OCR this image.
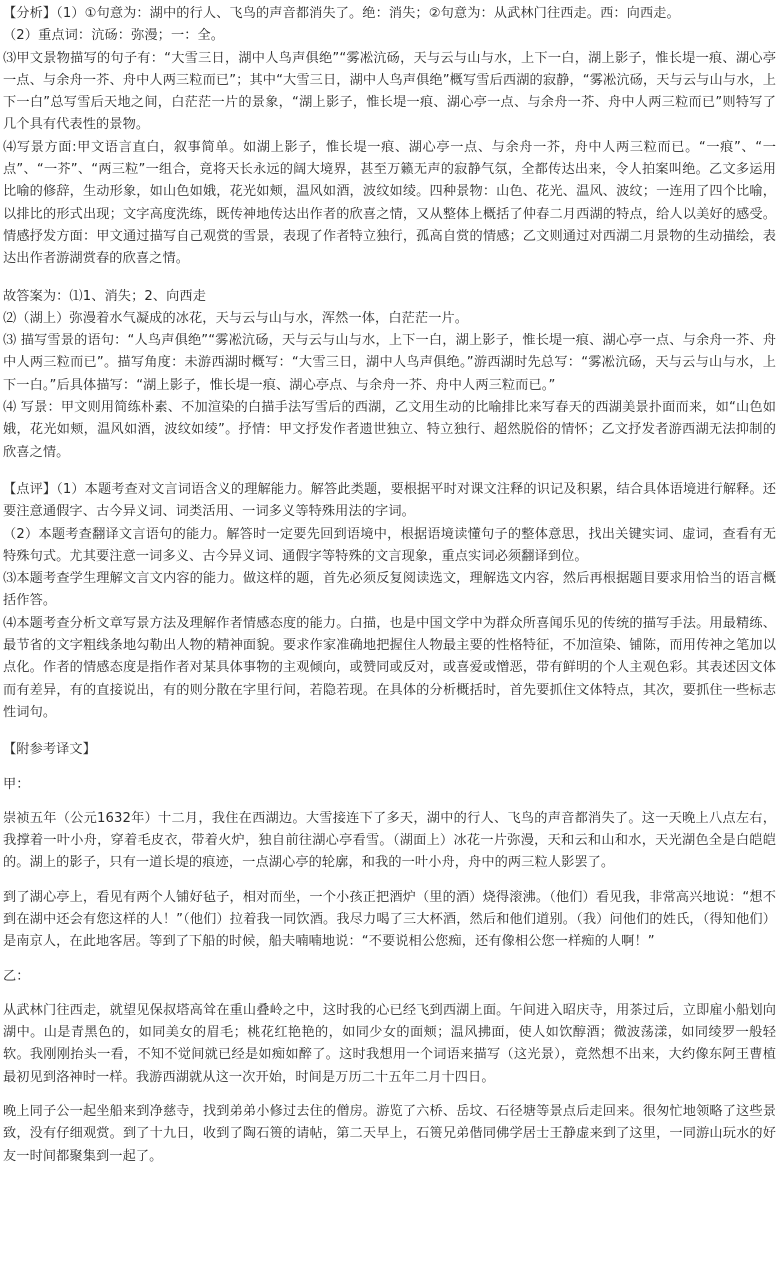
【分析】（1）①句意为：湖中的行人、飞鸟的声音都消失了。绝：消失；②句意为：从武林门往西走。西：向西走。

（2）重点词：沆砀：弥漫；一：全。

⑶甲文景物描写的句子有：“大雪三日，湖中人鸟声俱绝”“雾凇沆砀，天与云与山与水，上下一白，湖上影子，惟长堤一痕、湖心亭一点、与余舟一芥、舟中人两三粒而已”；其中“大雪三日，湖中人鸟声俱绝”概写雪后西湖的寂静，“雾凇沆砀，天与云与山与水，上下一白”总写雪后天地之间，白茫茫一片的景象，“湖上影子，惟长堤一痕、湖心亭一点、与余舟一芥、舟中人两三粒而已”则特写了几个具有代表性的景物。

⑷写景方面:甲文语言直白，叙事简单。如湖上影子，惟长堤一痕、湖心亭一点、与余舟一芥，舟中人两三粒而已。“一痕”、“一点”、“一芥”、“两三粒”一组合，竟将天长永远的阔大境界，甚至万籁无声的寂静气氛，全都传达出来，令人拍案叫绝。乙文多运用比喻的修辞，生动形象，如山色如娥，花光如颊，温风如酒，波纹如绫。四种景物：山色、花光、温风、波纹；一连用了四个比喻，以排比的形式出现；文字高度洗练，既传神地传达出作者的欣喜之情，又从整体上概括了仲春二月西湖的特点，给人以美好的感受。情感抒发方面：甲文通过描写自己观赏的雪景，表现了作者特立独行，孤高自赏的情感；乙文则通过对西湖二月景物的生动描绘，表达出作者游湖赏春的欣喜之情。

故答案为：⑴1、消失；2、向西走

⑵（湖上）弥漫着水气凝成的冰花，天与云与山与水，浑然一体，白茫茫一片。

⑶ 描写雪景的语句：“人鸟声俱绝”“雾凇沆砀，天与云与山与水，上下一白，湖上影子，惟长堤一痕、湖心亭一点、与余舟一芥、舟中人两三粒而已”。描写角度：未游西湖时概写：“大雪三日，湖中人鸟声俱绝。”游西湖时先总写：“雾凇沆砀，天与云与山与水，上下一白。”后具体描写：“湖上影子，惟长堤一痕、湖心亭点、与余舟一芥、舟中人两三粒而已。”

⑷ 写景：甲文则用简练朴素、不加渲染的白描手法写雪后的西湖，乙文用生动的比喻排比来写春天的西湖美景扑面而来，如“山色如娥，花光如颊，温风如酒，波纹如绫”。抒情：甲文抒发作者遗世独立、特立独行、超然脱俗的情怀；乙文抒发者游西湖无法抑制的欣喜之情。

【点评】（1）本题考查对文言词语含义的理解能力。解答此类题，要根据平时对课文注释的识记及积累，结合具体语境进行解释。还要注意通假字、古今异义词、词类活用、一词多义等特殊用法的字词。

（2）本题考查翻译文言语句的能力。解答时一定要先回到语境中，根据语境读懂句子的整体意思，找出关键实词、虚词，查看有无特殊句式。尤其要注意一词多义、古今异义词、通假字等特殊的文言现象，重点实词必须翻译到位。

⑶本题考查学生理解文言文内容的能力。做这样的题，首先必须反复阅读选文，理解选文内容，然后再根据题目要求用恰当的语言概括作答。

⑷本题考查分析文章写景方法及理解作者情感态度的能力。白描，也是中国文学中为群众所喜闻乐见的传统的描写手法。用最精练、最节省的文字粗线条地勾勒出人物的精神面貌。要求作家准确地把握住人物最主要的性格特征，不加渲染、铺陈，而用传神之笔加以点化。作者的情感态度是指作者对某具体事物的主观倾向，或赞同或反对，或喜爱或憎恶，带有鲜明的个人主观色彩。其表述因文体而有差异，有的直接说出，有的则分散在字里行间，若隐若现。在具体的分析概括时，首先要抓住文体特点，其次，要抓住一些标志性词句。

【附参考译文】

甲：

崇祯五年（公元1632年）十二月，我住在西湖边。大雪接连下了多天，湖中的行人、飞鸟的声音都消失了。这一天晚上八点左右，我撑着一叶小舟，穿着毛皮衣，带着火炉，独自前往湖心亭看雪。（湖面上）冰花一片弥漫，天和云和山和水，天光湖色全是白皑皑的。湖上的影子，只有一道长堤的痕迹，一点湖心亭的轮廓，和我的一叶小舟，舟中的两三粒人影罢了。

到了湖心亭上，看见有两个人铺好毡子，相对而坐，一个小孩正把酒炉（里的酒）烧得滚沸。（他们）看见我，非常高兴地说：“想不到在湖中还会有您这样的人！”（他们）拉着我一同饮酒。我尽力喝了三大杯酒，然后和他们道别。（我）问他们的姓氏，（得知他们）是南京人，在此地客居。等到了下船的时候，船夫喃喃地说：“不要说相公您痴，还有像相公您一样痴的人啊！”

乙：

从武林门往西走，就望见保叔塔高耸在重山叠岭之中，这时我的心已经飞到西湖上面。午间进入昭庆寺，用茶过后，立即雇小船划向湖中。山是青黑色的，如同美女的眉毛；桃花红艳艳的，如同少女的面颊；温风拂面，使人如饮醇酒；微波荡漾，如同绫罗一般轻软。我刚刚抬头一看，不知不觉间就已经是如痴如醉了。这时我想用一个词语来描写（这光景），竟然想不出来，大约像东阿王曹植最初见到洛神时一样。我游西湖就从这一次开始，时间是万历二十五年二月十四日。

晚上同子公一起坐船来到净慈寺，找到弟弟小修过去住的僧房。游览了六桥、岳坟、石径塘等景点后走回来。很匆忙地领略了这些景致，没有仔细观赏。到了十九日，收到了陶石篑的请帖，第二天早上，石篑兄弟偕同佛学居士王静虚来到了这里，一同游山玩水的好友一时间都聚集到一起了。
